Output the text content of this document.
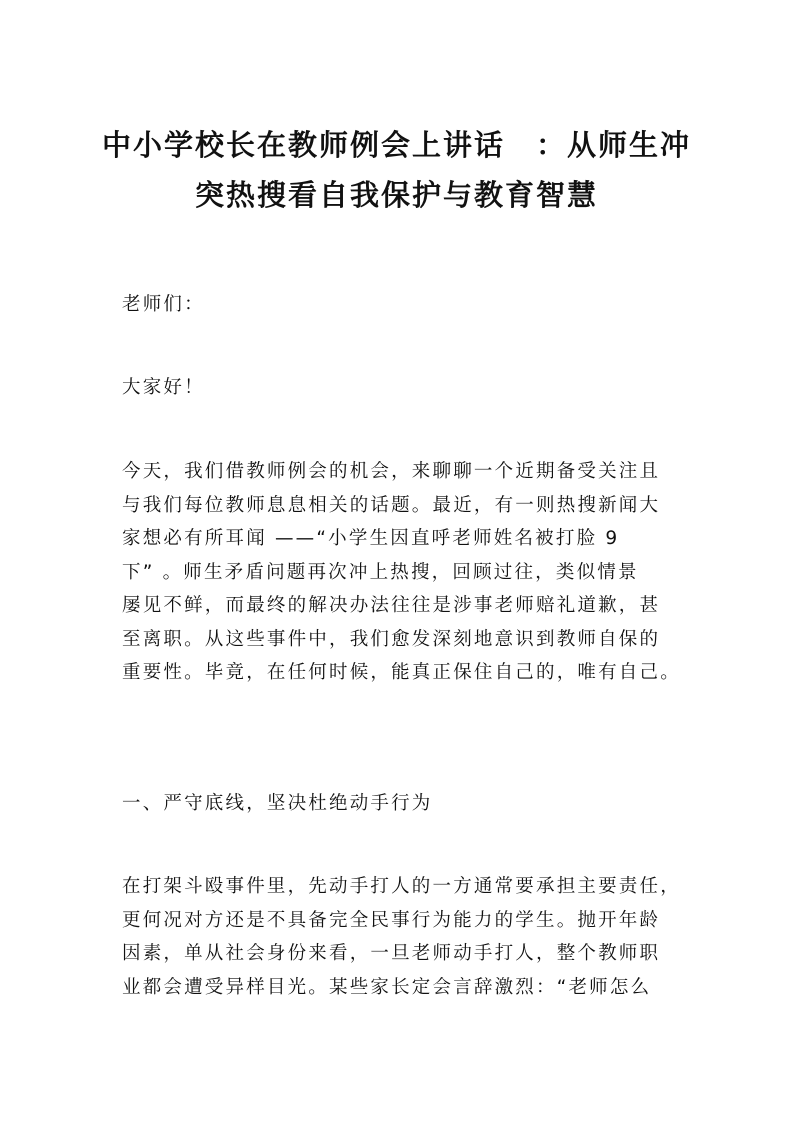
中小学校长在教师例会上讲话　：从师生冲
突热搜看自我保护与教育智慧
老师们：
大家好！
今天，我们借教师例会的机会，来聊聊一个近期备受关注且
与我们每位教师息息相关的话题。最近，有一则热搜新闻大
家想必有所耳闻 ——“小学生因直呼老师姓名被打脸 9
下” 。师生矛盾问题再次冲上热搜，回顾过往，类似情景
屡见不鲜，而最终的解决办法往往是涉事老师赔礼道歉，甚
至离职。从这些事件中，我们愈发深刻地意识到教师自保的
重要性。毕竟，在任何时候，能真正保住自己的，唯有自己。
一、严守底线，坚决杜绝动手行为
在打架斗殴事件里，先动手打人的一方通常要承担主要责任，
更何况对方还是不具备完全民事行为能力的学生。抛开年龄
因素，单从社会身份来看，一旦老师动手打人，整个教师职
业都会遭受异样目光。某些家长定会言辞激烈：“老师怎么
